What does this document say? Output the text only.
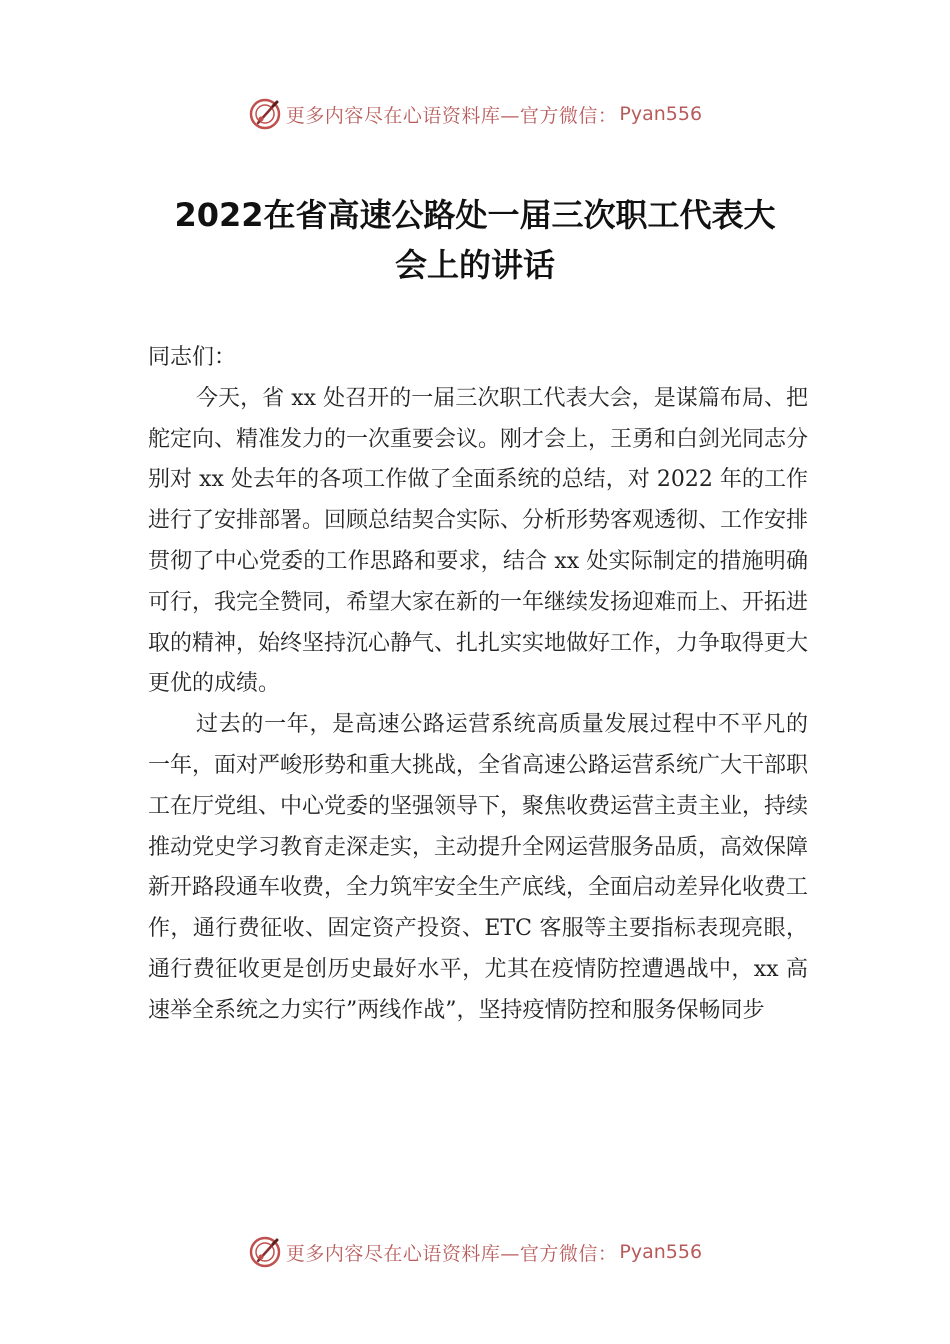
更多内容尽在心语资料库—官方微信： Pyan556
2022在省高速公路处一届三次职工代表大
会上的讲话

同志们：

今天，省 xx 处召开的一届三次职工代表大会，是谋篇布局、把舵定向、精准发力的一次重要会议。刚才会上，王勇和白剑光同志分别对 xx 处去年的各项工作做了全面系统的总结，对 2022 年的工作进行了安排部署。回顾总结契合实际、分析形势客观透彻、工作安排贯彻了中心党委的工作思路和要求，结合 xx 处实际制定的措施明确可行，我完全赞同，希望大家在新的一年继续发扬迎难而上、开拓进取的精神，始终坚持沉心静气、扎扎实实地做好工作，力争取得更大更优的成绩。

过去的一年，是高速公路运营系统高质量发展过程中不平凡的一年，面对严峻形势和重大挑战，全省高速公路运营系统广大干部职工在厅党组、中心党委的坚强领导下，聚焦收费运营主责主业，持续推动党史学习教育走深走实，主动提升全网运营服务品质，高效保障新开路段通车收费，全力筑牢安全生产底线，全面启动差异化收费工作，通行费征收、固定资产投资、ETC 客服等主要指标表现亮眼，通行费征收更是创历史最好水平，尤其在疫情防控遭遇战中，xx 高速举全系统之力实行”两线作战”，坚持疫情防控和服务保畅同步

更多内容尽在心语资料库—官方微信： Pyan556
